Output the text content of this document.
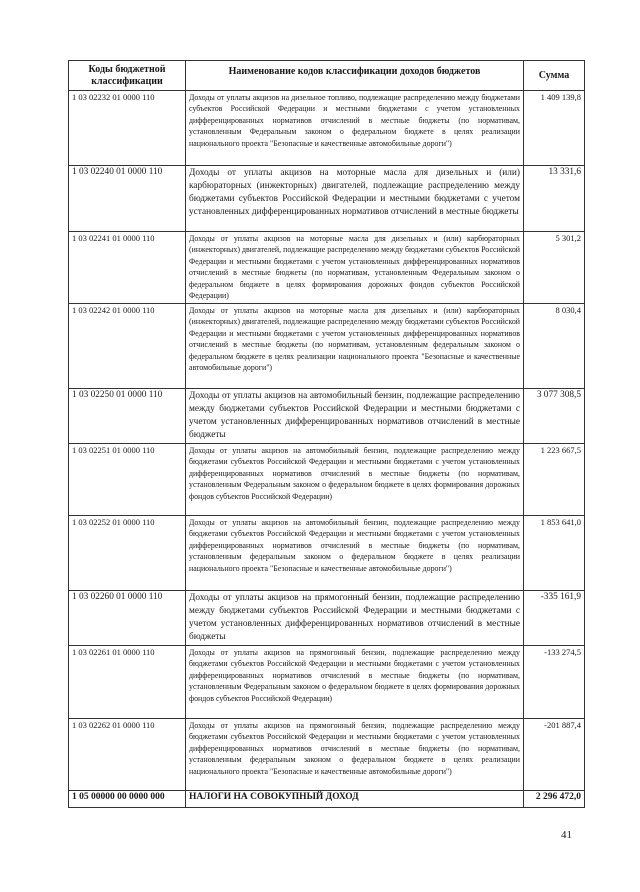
Коды бюджетной классификации	Наименование кодов классификации доходов бюджетов	Сумма
1 03 02232 01 0000 110	Доходы от уплаты акцизов на дизельное топливо, подлежащие распределению между бюджетами субъектов Российской Федерации и местными бюджетами с учетом установленных дифференцированных нормативов отчислений в местные бюджеты (по нормативам, установленным Федеральным законом о федеральном бюджете в целях реализации национального проекта "Безопасные и качественные автомобильные дороги")	1 409 139,8
1 03 02240 01 0000 110	Доходы от уплаты акцизов на моторные масла для дизельных и (или) карбюраторных (инжекторных) двигателей, подлежащие распределению между бюджетами субъектов Российской Федерации и местными бюджетами с учетом установленных дифференцированных нормативов отчислений в местные бюджеты	13 331,6
1 03 02241 01 0000 110	Доходы от уплаты акцизов на моторные масла для дизельных и (или) карбюраторных (инжекторных) двигателей, подлежащие распределению между бюджетами субъектов Российской Федерации и местными бюджетами с учетом установленных дифференцированных нормативов отчислений в местные бюджеты (по нормативам, установленным Федеральным законом о федеральном бюджете в целях формирования дорожных фондов субъектов Российской Федерации)	5 301,2
1 03 02242 01 0000 110	Доходы от уплаты акцизов на моторные масла для дизельных и (или) карбюраторных (инжекторных) двигателей, подлежащие распределению между бюджетами субъектов Российской Федерации и местными бюджетами с учетом установленных дифференцированных нормативов отчислений в местные бюджеты (по нормативам, установленным федеральным законом о федеральном бюджете в целях реализации национального проекта "Безопасные и качественные автомобильные дороги")	8 030,4
1 03 02250 01 0000 110	Доходы от уплаты акцизов на автомобильный бензин, подлежащие распределению между бюджетами субъектов Российской Федерации и местными бюджетами с учетом установленных дифференцированных нормативов отчислений в местные бюджеты	3 077 308,5
1 03 02251 01 0000 110	Доходы от уплаты акцизов на автомобильный бензин, подлежащие распределению между бюджетами субъектов Российской Федерации и местными бюджетами с учетом установленных дифференцированных нормативов отчислений в местные бюджеты (по нормативам, установленным Федеральным законом о федеральном бюджете в целях формирования дорожных фондов субъектов Российской Федерации)	1 223 667,5
1 03 02252 01 0000 110	Доходы от уплаты акцизов на автомобильный бензин, подлежащие распределению между бюджетами субъектов Российской Федерации и местными бюджетами с учетом установленных дифференцированных нормативов отчислений в местные бюджеты (по нормативам, установленным федеральным законом о федеральном бюджете в целях реализации национального проекта "Безопасные и качественные автомобильные дороги")	1 853 641,0
1 03 02260 01 0000 110	Доходы от уплаты акцизов на прямогонный бензин, подлежащие распределению между бюджетами субъектов Российской Федерации и местными бюджетами с учетом установленных дифференцированных нормативов отчислений в местные бюджеты	-335 161,9
1 03 02261 01 0000 110	Доходы от уплаты акцизов на прямогонный бензин, подлежащие распределению между бюджетами субъектов Российской Федерации и местными бюджетами с учетом установленных дифференцированных нормативов отчислений в местные бюджеты (по нормативам, установленным Федеральным законом о федеральном бюджете в целях формирования дорожных фондов субъектов Российской Федерации)	-133 274,5
1 03 02262 01 0000 110	Доходы от уплаты акцизов на прямогонный бензин, подлежащие распределению между бюджетами субъектов Российской Федерации и местными бюджетами с учетом установленных дифференцированных нормативов отчислений в местные бюджеты (по нормативам, установленным федеральным законом о федеральном бюджете в целях реализации национального проекта "Безопасные и качественные автомобильные дороги")	-201 887,4
1 05 00000 00 0000 000	НАЛОГИ НА СОВОКУПНЫЙ ДОХОД	2 296 472,0
41
